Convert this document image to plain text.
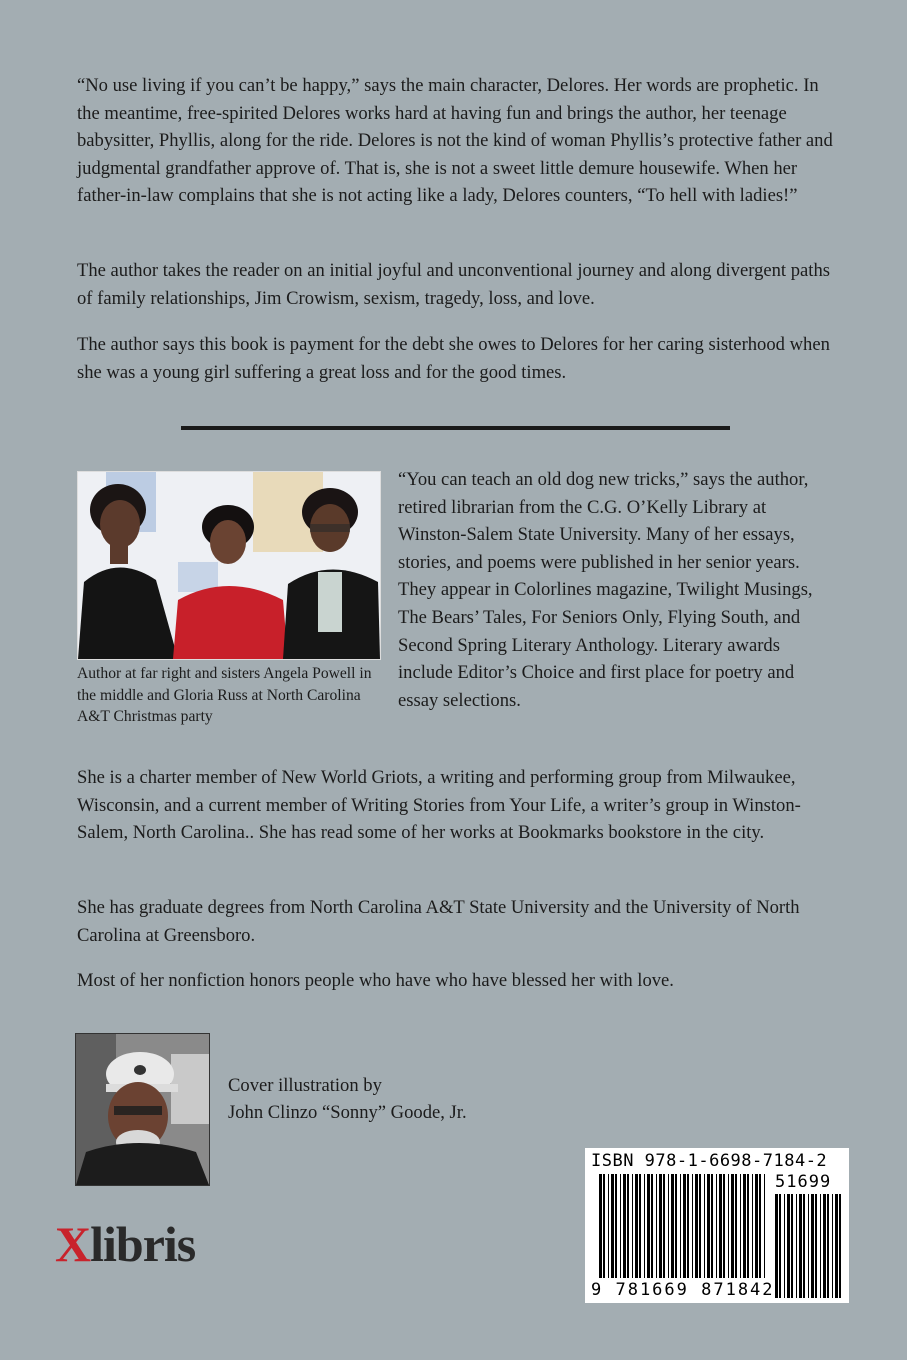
“No use living if you can’t be happy,” says the main character, Delores. Her words are prophetic. In the meantime, free-spirited Delores works hard at having fun and brings the author, her teenage babysitter, Phyllis, along for the ride. Delores is not the kind of woman Phyllis’s protective father and judgmental grandfather approve of. That is, she is not a sweet little demure housewife. When her father-in-law complains that she is not acting like a lady, Delores counters, “To hell with ladies!”

The author takes the reader on an initial joyful and unconventional journey and along divergent paths of family relationships, Jim Crowism, sexism, tragedy, loss, and love.

The author says this book is payment for the debt she owes to Delores for her caring sisterhood when she was a young girl suffering a great loss and for the good times.

Author at far right and sisters Angela Powell in the middle and Gloria Russ at North Carolina A&T Christmas party

“You can teach an old dog new tricks,” says the author, retired librarian from the C.G. O’Kelly Library at Winston-Salem State University. Many of her essays, stories, and poems were published in her senior years. They appear in Colorlines magazine, Twilight Musings, The Bears’ Tales, For Seniors Only, Flying South, and Second Spring Literary Anthology. Literary awards include Editor’s Choice and first place for poetry and essay selections.

She is a charter member of New World Griots, a writing and performing group from Milwaukee, Wisconsin, and a current member of Writing Stories from Your Life, a writer’s group in Winston-Salem, North Carolina.. She has read some of her works at Bookmarks bookstore in the city.

She has graduate degrees from North Carolina A&T State University and the University of North Carolina at Greensboro.

Most of her nonfiction honors people who have who have blessed her with love.

Cover illustration by
John Clinzo “Sonny” Goode, Jr.
Xlibris
ISBN 978-1-6698-7184-2
51699
9 781669 871842
